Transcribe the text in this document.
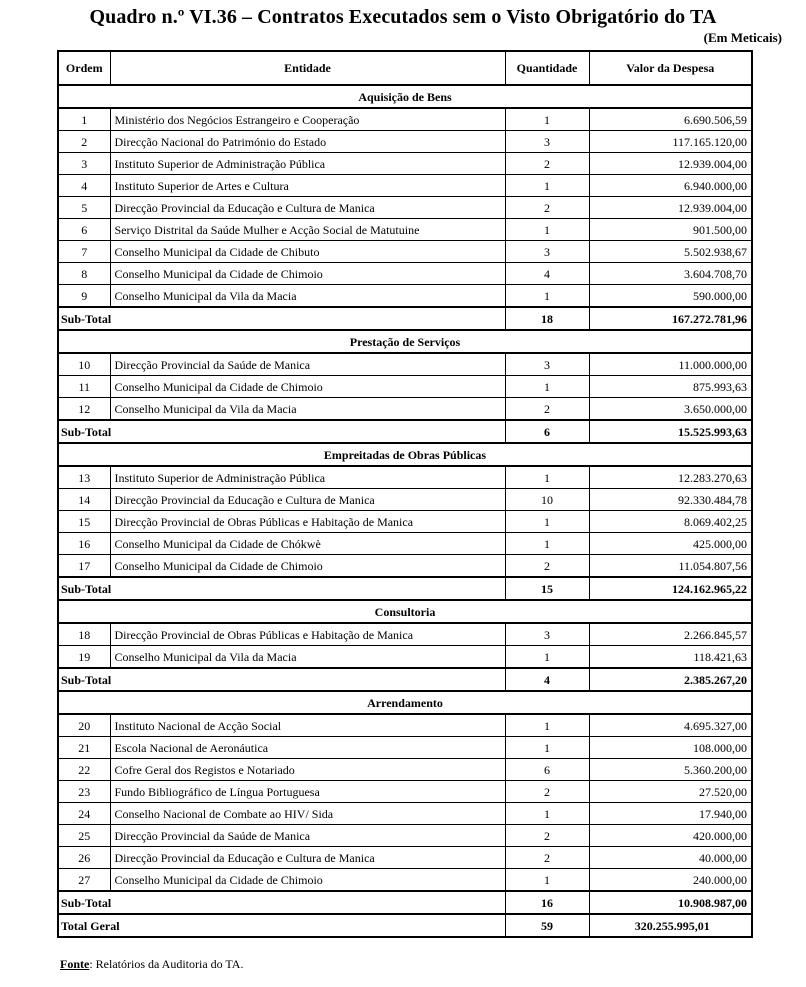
Quadro n.º VI.36 – Contratos Executados sem o Visto Obrigatório do TA
(Em Meticais)
Ordem	Entidade	Quantidade	Valor da Despesa
Aquisição de Bens			
1	Ministério dos Negócios Estrangeiro e Cooperação	1	6.690.506,59
2	Direcção Nacional do Património do Estado	3	117.165.120,00
3	Instituto Superior de Administração Pública	2	12.939.004,00
4	Instituto Superior de Artes e Cultura	1	6.940.000,00
5	Direcção Provincial da Educação e Cultura de Manica	2	12.939.004,00
6	Serviço Distrital da Saúde Mulher e Acção Social de Matutuine	1	901.500,00
7	Conselho Municipal da Cidade de Chibuto	3	5.502.938,67
8	Conselho Municipal da Cidade de Chimoio	4	3.604.708,70
9	Conselho Municipal da Vila da Macia	1	590.000,00
Sub-Total		18	167.272.781,96
Prestação de Serviços			
10	Direcção Provincial da Saúde de Manica	3	11.000.000,00
11	Conselho Municipal da Cidade de Chimoio	1	875.993,63
12	Conselho Municipal da Vila da Macia	2	3.650.000,00
Sub-Total		6	15.525.993,63
Empreitadas de Obras Públicas			
13	Instituto Superior de Administração Pública	1	12.283.270,63
14	Direcção Provincial da Educação e Cultura de Manica	10	92.330.484,78
15	Direcção Provincial de Obras Públicas e Habitação de Manica	1	8.069.402,25
16	Conselho Municipal da Cidade de Chókwè	1	425.000,00
17	Conselho Municipal da Cidade de Chimoio	2	11.054.807,56
Sub-Total		15	124.162.965,22
Consultoria			
18	Direcção Provincial de Obras Públicas e Habitação de Manica	3	2.266.845,57
19	Conselho Municipal da Vila da Macia	1	118.421,63
Sub-Total		4	2.385.267,20
Arrendamento			
20	Instituto Nacional de Acção Social	1	4.695.327,00
21	Escola Nacional de Aeronáutica	1	108.000,00
22	Cofre Geral dos Registos e Notariado	6	5.360.200,00
23	Fundo Bibliográfico de Língua Portuguesa	2	27.520,00
24	Conselho Nacional de Combate ao HIV/ Sida	1	17.940,00
25	Direcção Provincial da Saúde de Manica	2	420.000,00
26	Direcção Provincial da Educação e Cultura de Manica	2	40.000,00
27	Conselho Municipal da Cidade de Chimoio	1	240.000,00
Sub-Total		16	10.908.987,00
Total Geral		59	320.255.995,01
Fonte: Relatórios da Auditoria do TA.
